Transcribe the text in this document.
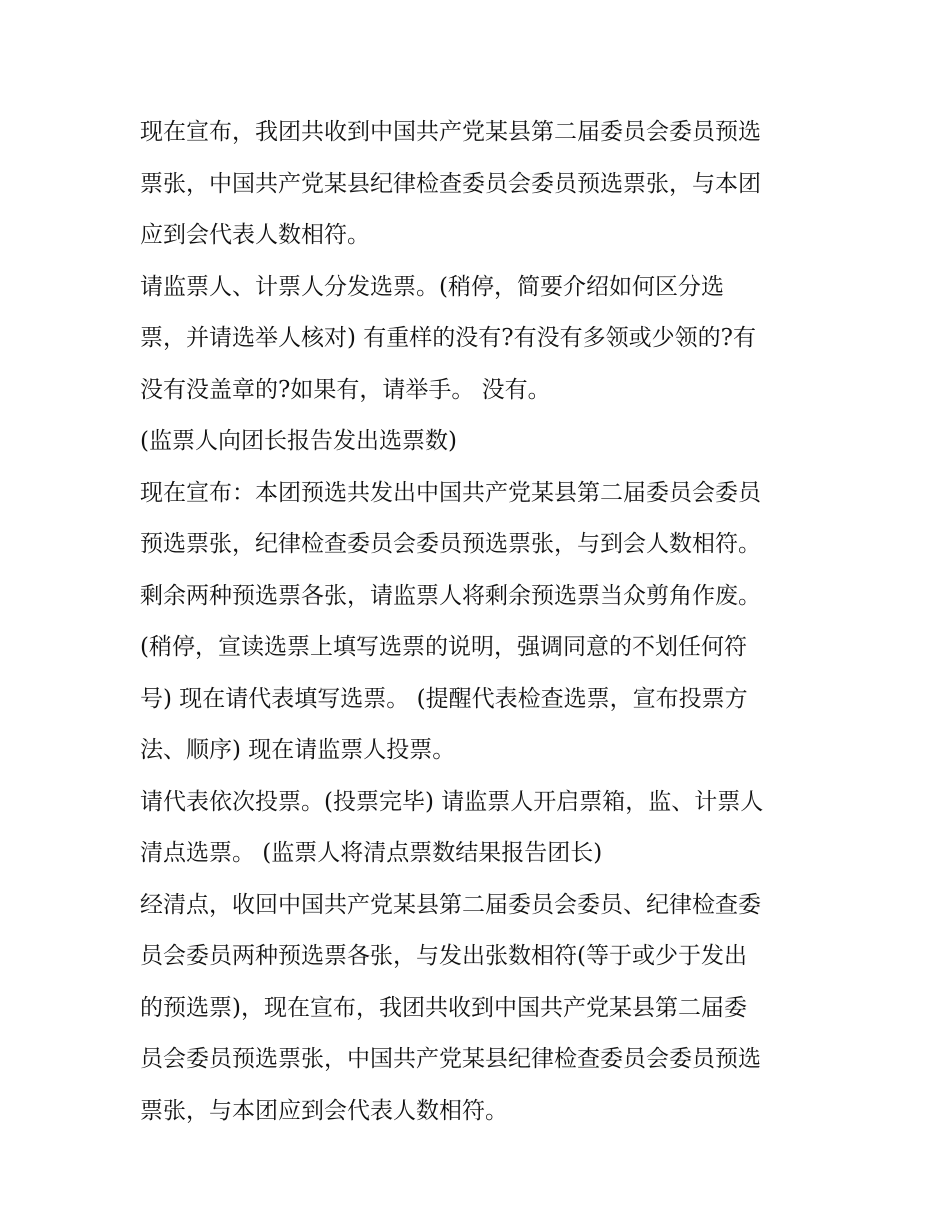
现在宣布，我团共收到中国共产党某县第二届委员会委员预选
票张，中国共产党某县纪律检查委员会委员预选票张，与本团
应到会代表人数相符。

请监票人、计票人分发选票。(稍停，简要介绍如何区分选
票，并请选举人核对) 有重样的没有?有没有多领或少领的?有
没有没盖章的?如果有，请举手。 没有。

(监票人向团长报告发出选票数)

现在宣布：本团预选共发出中国共产党某县第二届委员会委员
预选票张，纪律检查委员会委员预选票张，与到会人数相符。
剩余两种预选票各张，请监票人将剩余预选票当众剪角作废。
(稍停，宣读选票上填写选票的说明，强调同意的不划任何符
号) 现在请代表填写选票。 (提醒代表检查选票，宣布投票方
法、顺序) 现在请监票人投票。

请代表依次投票。(投票完毕) 请监票人开启票箱，监、计票人
清点选票。 (监票人将清点票数结果报告团长)

经清点，收回中国共产党某县第二届委员会委员、纪律检查委
员会委员两种预选票各张，与发出张数相符(等于或少于发出
的预选票)，现在宣布，我团共收到中国共产党某县第二届委
员会委员预选票张，中国共产党某县纪律检查委员会委员预选
票张，与本团应到会代表人数相符。
